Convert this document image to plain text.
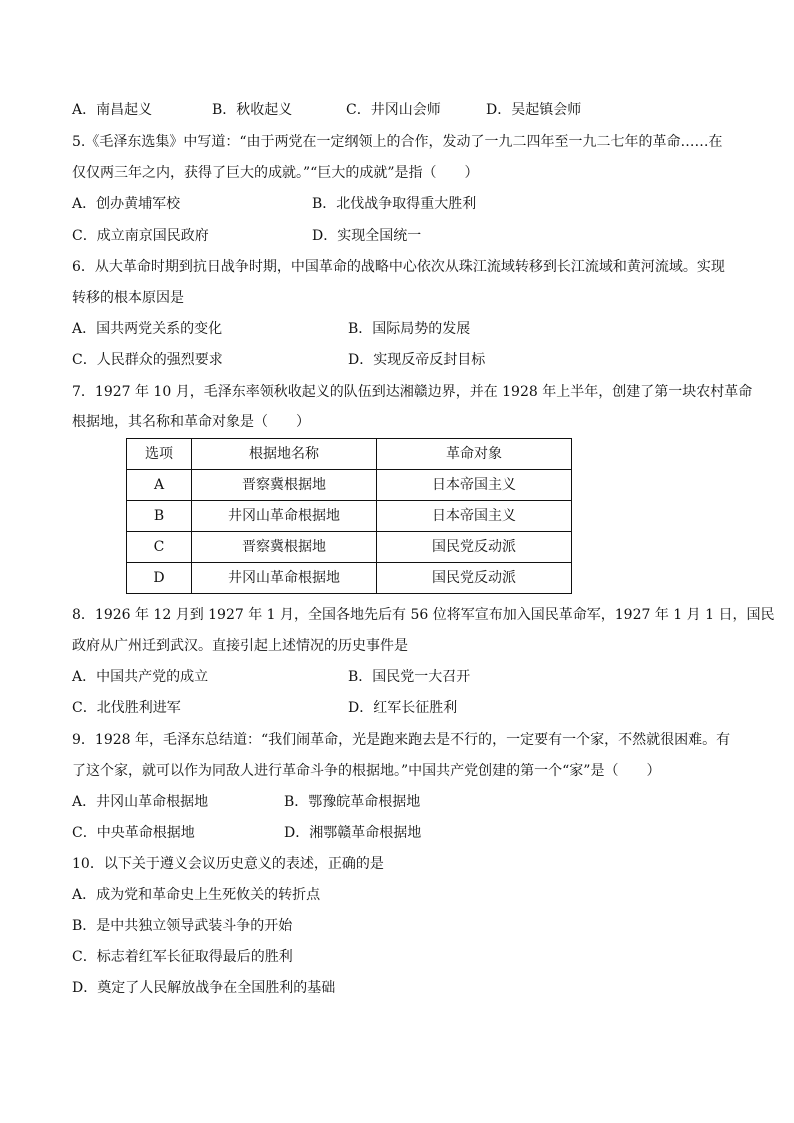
A．南昌起义	B．秋收起义	C．井冈山会师	D．吴起镇会师
5.《毛泽东选集》中写道：“由于两党在一定纲领上的合作，发动了一九二四年至一九二七年的革命……在
仅仅两三年之内，获得了巨大的成就。”“巨大的成就”是指（　　）
A．创办黄埔军校	B．北伐战争取得重大胜利
C．成立南京国民政府	D．实现全国统一
6．从大革命时期到抗日战争时期，中国革命的战略中心依次从珠江流域转移到长江流域和黄河流域。实现
转移的根本原因是
A．国共两党关系的变化	B．国际局势的发展
C．人民群众的强烈要求	D．实现反帝反封目标
7．1927 年 10 月，毛泽东率领秋收起义的队伍到达湘赣边界，并在 1928 年上半年，创建了第一块农村革命
根据地，其名称和革命对象是（　　）
选项	根据地名称	革命对象
A	晋察冀根据地	日本帝国主义
B	井冈山革命根据地	日本帝国主义
C	晋察冀根据地	国民党反动派
D	井冈山革命根据地	国民党反动派
8．1926 年 12 月到 1927 年 1 月，全国各地先后有 56 位将军宣布加入国民革命军，1927 年 1 月 1 日，国民
政府从广州迁到武汉。直接引起上述情况的历史事件是
A．中国共产党的成立	B．国民党一大召开
C．北伐胜利进军	D．红军长征胜利
9．1928 年，毛泽东总结道：“我们闹革命，光是跑来跑去是不行的，一定要有一个家，不然就很困难。有
了这个家，就可以作为同敌人进行革命斗争的根据地。”中国共产党创建的第一个“家”是（　　）
A．井冈山革命根据地	B．鄂豫皖革命根据地
C．中央革命根据地	D．湘鄂赣革命根据地
10．以下关于遵义会议历史意义的表述，正确的是
A．成为党和革命史上生死攸关的转折点
B．是中共独立领导武装斗争的开始
C．标志着红军长征取得最后的胜利
D．奠定了人民解放战争在全国胜利的基础
